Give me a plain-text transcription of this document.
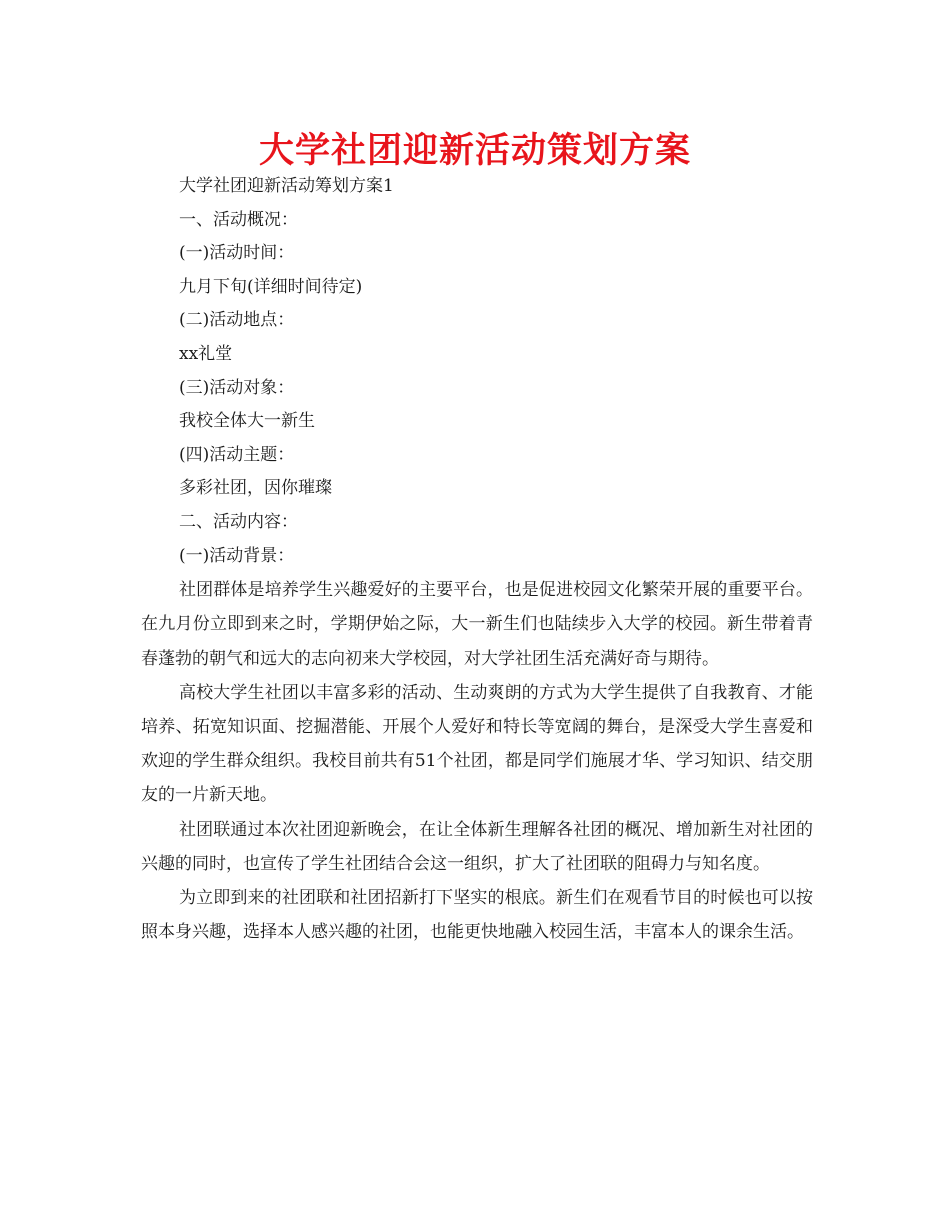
大学社团迎新活动策划方案

大学社团迎新活动筹划方案1

一、活动概况：

(一)活动时间：

九月下旬(详细时间待定)

(二)活动地点：

xx礼堂

(三)活动对象：

我校全体大一新生

(四)活动主题：

多彩社团，因你璀璨

二、活动内容：

(一)活动背景：

社团群体是培养学生兴趣爱好的主要平台，也是促进校园文化繁荣开展的重要平台。在九月份立即到来之时，学期伊始之际，大一新生们也陆续步入大学的校园。新生带着青春蓬勃的朝气和远大的志向初来大学校园，对大学社团生活充满好奇与期待。

高校大学生社团以丰富多彩的活动、生动爽朗的方式为大学生提供了自我教育、才能培养、拓宽知识面、挖掘潜能、开展个人爱好和特长等宽阔的舞台，是深受大学生喜爱和欢迎的学生群众组织。我校目前共有51个社团，都是同学们施展才华、学习知识、结交朋友的一片新天地。

社团联通过本次社团迎新晚会，在让全体新生理解各社团的概况、增加新生对社团的兴趣的同时，也宣传了学生社团结合会这一组织，扩大了社团联的阻碍力与知名度。

为立即到来的社团联和社团招新打下坚实的根底。新生们在观看节目的时候也可以按照本身兴趣，选择本人感兴趣的社团，也能更快地融入校园生活，丰富本人的课余生活。
